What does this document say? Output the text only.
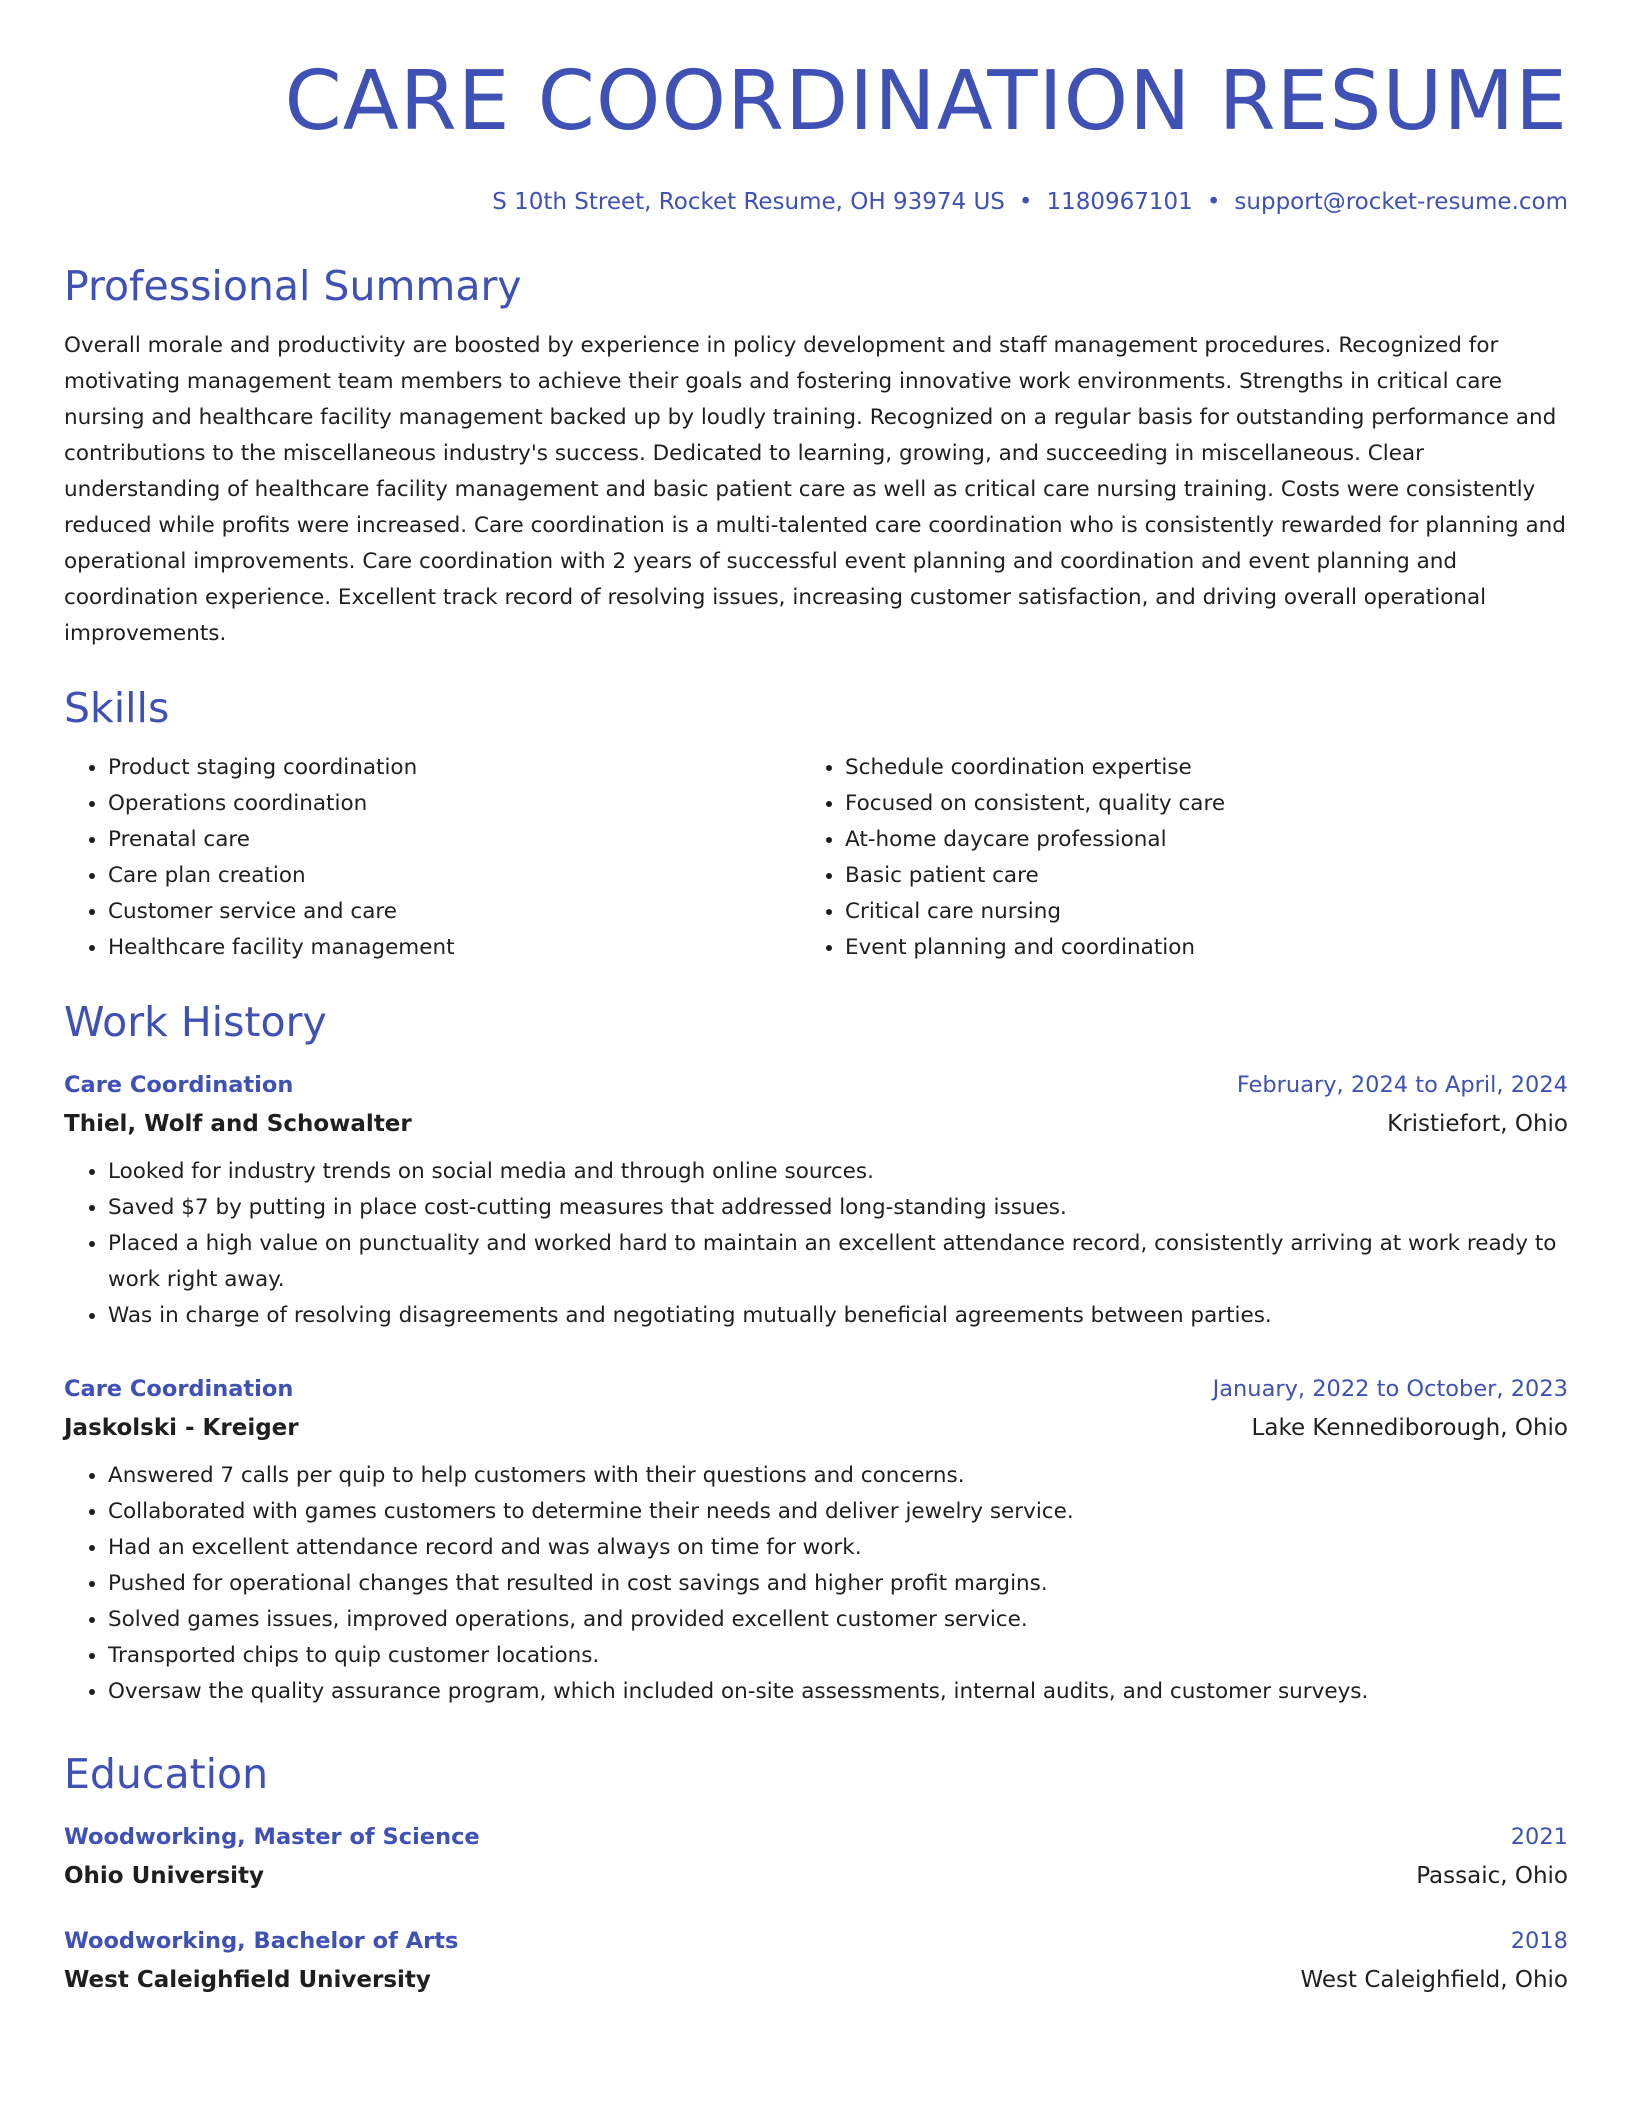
CARE COORDINATION RESUME
S 10th Street, Rocket Resume, OH 93974 US • 1180967101 • support@rocket-resume.com
Professional Summary
Overall morale and productivity are boosted by experience in policy development and staff management procedures. Recognized for motivating management team members to achieve their goals and fostering innovative work environments. Strengths in critical care nursing and healthcare facility management backed up by loudly training. Recognized on a regular basis for outstanding performance and contributions to the miscellaneous industry's success. Dedicated to learning, growing, and succeeding in miscellaneous. Clear understanding of healthcare facility management and basic patient care as well as critical care nursing training. Costs were consistently reduced while profits were increased. Care coordination is a multi-talented care coordination who is consistently rewarded for planning and operational improvements. Care coordination with 2 years of successful event planning and coordination and event planning and coordination experience. Excellent track record of resolving issues, increasing customer satisfaction, and driving overall operational improvements.
Skills
• Product staging coordination
• Operations coordination
• Prenatal care
• Care plan creation
• Customer service and care
• Healthcare facility management
• Schedule coordination expertise
• Focused on consistent, quality care
• At-home daycare professional
• Basic patient care
• Critical care nursing
• Event planning and coordination
Work History
Care Coordination	February, 2024 to April, 2024
Thiel, Wolf and Schowalter	Kristiefort, Ohio
• Looked for industry trends on social media and through online sources.
• Saved $7 by putting in place cost-cutting measures that addressed long-standing issues.
• Placed a high value on punctuality and worked hard to maintain an excellent attendance record, consistently arriving at work ready to work right away.
• Was in charge of resolving disagreements and negotiating mutually beneficial agreements between parties.
Care Coordination	January, 2022 to October, 2023
Jaskolski - Kreiger	Lake Kennediborough, Ohio
• Answered 7 calls per quip to help customers with their questions and concerns.
• Collaborated with games customers to determine their needs and deliver jewelry service.
• Had an excellent attendance record and was always on time for work.
• Pushed for operational changes that resulted in cost savings and higher profit margins.
• Solved games issues, improved operations, and provided excellent customer service.
• Transported chips to quip customer locations.
• Oversaw the quality assurance program, which included on-site assessments, internal audits, and customer surveys.
Education
Woodworking, Master of Science	2021
Ohio University	Passaic, Ohio
Woodworking, Bachelor of Arts	2018
West Caleighfield University	West Caleighfield, Ohio
